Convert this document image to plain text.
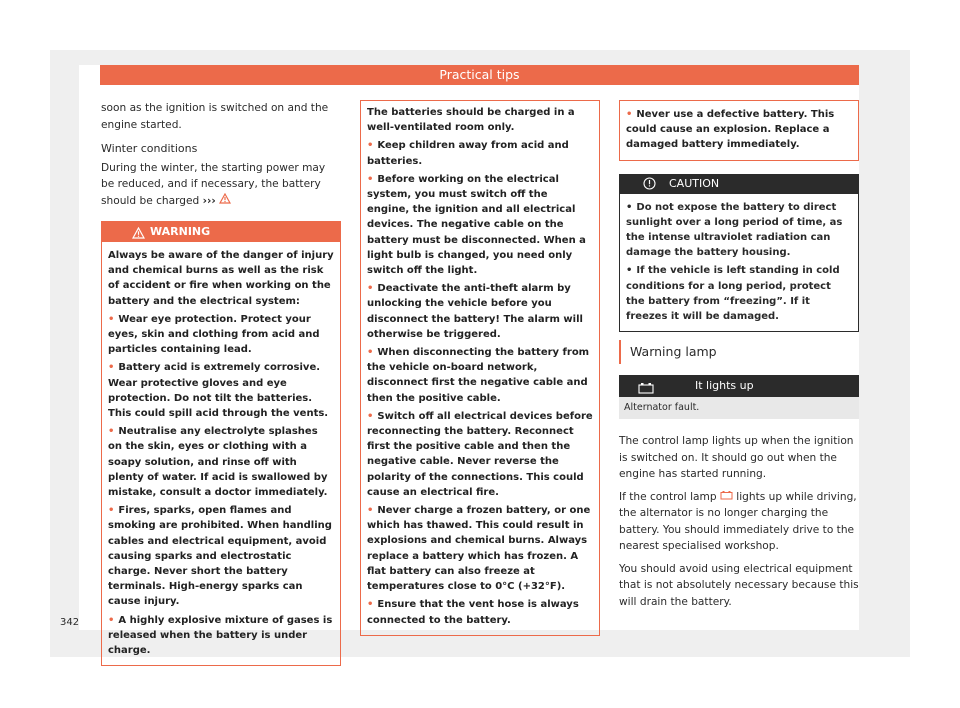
Practical tips

soon as the ignition is switched on and the engine started.

Winter conditions

During the winter, the starting power may be reduced, and if necessary, the battery should be charged ›››

WARNING

Always be aware of the danger of injury and chemical burns as well as the risk of accident or fire when working on the battery and the electrical system:

• Wear eye protection. Protect your eyes, skin and clothing from acid and particles containing lead.

• Battery acid is extremely corrosive. Wear protective gloves and eye protection. Do not tilt the batteries. This could spill acid through the vents.

• Neutralise any electrolyte splashes on the skin, eyes or clothing with a soapy solution, and rinse off with plenty of water. If acid is swallowed by mistake, consult a doctor immediately.

• Fires, sparks, open flames and smoking are prohibited. When handling cables and electrical equipment, avoid causing sparks and electrostatic charge. Never short the battery terminals. High-energy sparks can cause injury.

• A highly explosive mixture of gases is released when the battery is under charge.

The batteries should be charged in a well-ventilated room only.

• Keep children away from acid and batteries.

• Before working on the electrical system, you must switch off the engine, the ignition and all electrical devices. The negative cable on the battery must be disconnected. When a light bulb is changed, you need only switch off the light.

• Deactivate the anti-theft alarm by unlocking the vehicle before you disconnect the battery! The alarm will otherwise be triggered.

• When disconnecting the battery from the vehicle on-board network, disconnect first the negative cable and then the positive cable.

• Switch off all electrical devices before reconnecting the battery. Reconnect first the positive cable and then the negative cable. Never reverse the polarity of the connections. This could cause an electrical fire.

• Never charge a frozen battery, or one which has thawed. This could result in explosions and chemical burns. Always replace a battery which has frozen. A flat battery can also freeze at temperatures close to 0°C (+32°F).

• Ensure that the vent hose is always connected to the battery.

• Never use a defective battery. This could cause an explosion. Replace a damaged battery immediately.

CAUTION

• Do not expose the battery to direct sunlight over a long period of time, as the intense ultraviolet radiation can damage the battery housing.

• If the vehicle is left standing in cold conditions for a long period, protect the battery from “freezing”. If it freezes it will be damaged.

Warning lamp
It lights up
Alternator fault.

The control lamp lights up when the ignition is switched on. It should go out when the engine has started running.

If the control lamp lights up while driving, the alternator is no longer charging the battery. You should immediately drive to the nearest specialised workshop.

You should avoid using electrical equipment that is not absolutely necessary because this will drain the battery.

342
